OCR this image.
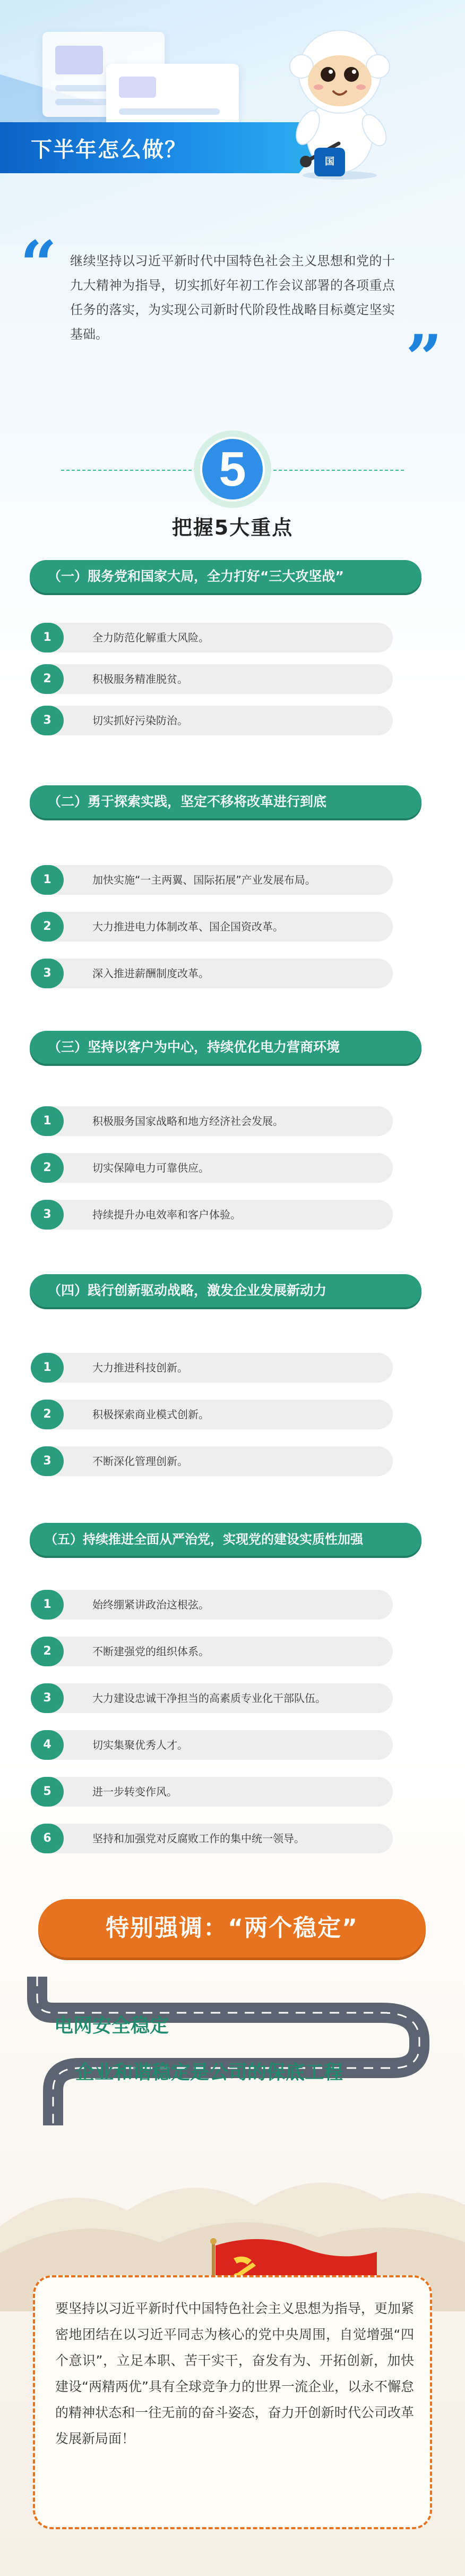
下半年怎么做？	国
“ 继续坚持以习近平新时代中国特色社会主义思想和党的十九大精神为指导，切实抓好年初工作会议部署的各项重点任务的落实，为实现公司新时代阶段性战略目标奠定坚实基础。	”
5
把握5大重点
（一）服务党和国家大局，全力打好“三大攻坚战”
1	全力防范化解重大风险。
2	积极服务精准脱贫。
3	切实抓好污染防治。
（二）勇于探索实践，坚定不移将改革进行到底
1	加快实施“一主两翼、国际拓展”产业发展布局。
2	大力推进电力体制改革、国企国资改革。
3	深入推进薪酬制度改革。
（三）坚持以客户为中心，持续优化电力营商环境
1	积极服务国家战略和地方经济社会发展。
2	切实保障电力可靠供应。
3	持续提升办电效率和客户体验。
（四）践行创新驱动战略，激发企业发展新动力
1	大力推进科技创新。
2	积极探索商业模式创新。
3	不断深化管理创新。
（五）持续推进全面从严治党，实现党的建设实质性加强
1	始终绷紧讲政治这根弦。
2	不断建强党的组织体系。
3	大力建设忠诚干净担当的高素质专业化干部队伍。
4	切实集聚优秀人才。
5	进一步转变作风。
6	坚持和加强党对反腐败工作的集中统一领导。
特别强调：“两个稳定”
电网安全稳定
企业和谐稳定是公司的保底工程
要坚持以习近平新时代中国特色社会主义思想为指导，更加紧密地团结在以习近平同志为核心的党中央周围，自觉增强“四个意识”，立足本职、苦干实干，奋发有为、开拓创新，加快建设“两精两优”具有全球竞争力的世界一流企业，以永不懈怠的精神状态和一往无前的奋斗姿态，奋力开创新时代公司改革发展新局面！
